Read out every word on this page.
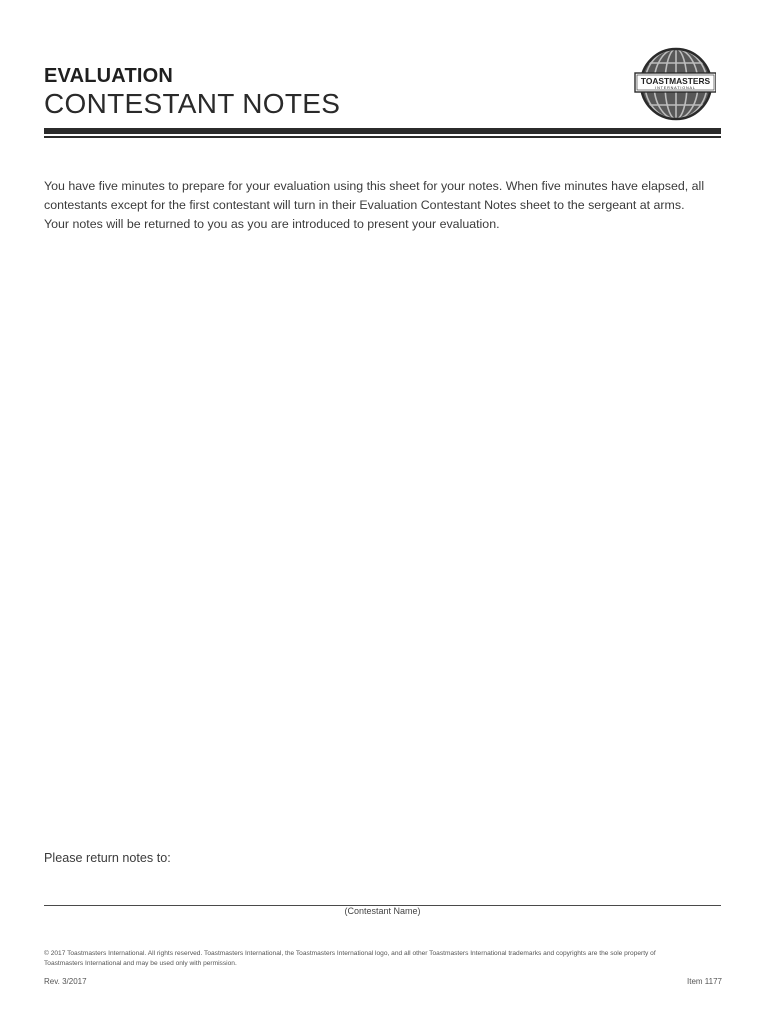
EVALUATION
CONTESTANT NOTES
TOASTMASTERS
INTERNATIONAL
You have five minutes to prepare for your evaluation using this sheet for your notes. When five minutes have elapsed, all
contestants except for the first contestant will turn in their Evaluation Contestant Notes sheet to the sergeant at arms.
Your notes will be returned to you as you are introduced to present your evaluation.
Please return notes to:
(Contestant Name)
© 2017 Toastmasters International. All rights reserved. Toastmasters International, the Toastmasters International logo, and all other Toastmasters International trademarks and copyrights are the sole property of
Toastmasters International and may be used only with permission.
Rev. 3/2017	Item 1177
